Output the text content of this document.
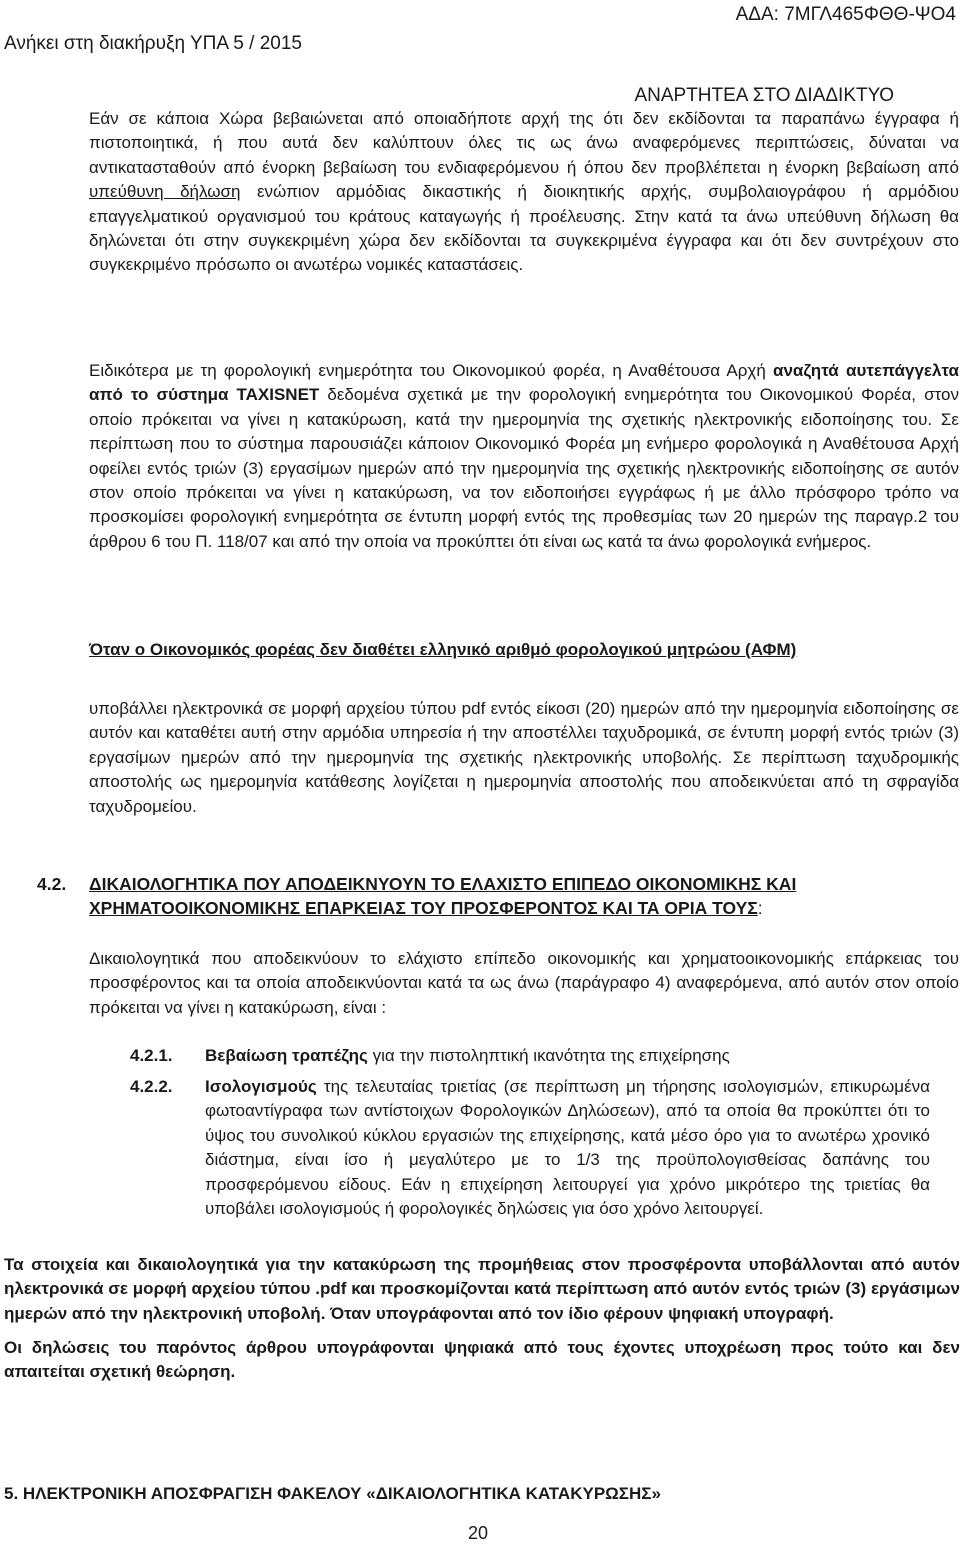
ΑΔΑ: 7ΜΓΛ465ΦΘΘ-ΨΟ4
Ανήκει στη διακήρυξη ΥΠΑ 5 / 2015
ΑΝΑΡΤΗΤΕΑ ΣΤΟ ΔΙΑΔΙΚΤΥΟ
Εάν σε κάποια Χώρα βεβαιώνεται από οποιαδήποτε αρχή της ότι δεν εκδίδονται τα παραπάνω έγγραφα ή πιστοποιητικά, ή που αυτά δεν καλύπτουν όλες τις ως άνω αναφερόμενες περιπτώσεις, δύναται να αντικατασταθούν από ένορκη βεβαίωση του ενδιαφερόμενου ή όπου δεν προβλέπεται η ένορκη βεβαίωση από υπεύθυνη δήλωση ενώπιον αρμόδιας δικαστικής ή διοικητικής αρχής, συμβολαιογράφου ή αρμόδιου επαγγελματικού οργανισμού του κράτους καταγωγής ή προέλευσης. Στην κατά τα άνω υπεύθυνη δήλωση θα δηλώνεται ότι στην συγκεκριμένη χώρα δεν εκδίδονται τα συγκεκριμένα έγγραφα και ότι δεν συντρέχουν στο συγκεκριμένο πρόσωπο οι ανωτέρω νομικές καταστάσεις.
Ειδικότερα με τη φορολογική ενημερότητα του Οικονομικού φορέα, η Αναθέτουσα Αρχή αναζητά αυτεπάγγελτα από το σύστημα TAXISNET δεδομένα σχετικά με την φορολογική ενημερότητα του Οικονομικού Φορέα, στον οποίο πρόκειται να γίνει η κατακύρωση, κατά την ημερομηνία της σχετικής ηλεκτρονικής ειδοποίησης του. Σε περίπτωση που το σύστημα παρουσιάζει κάποιον Οικονομικό Φορέα μη ενήμερο φορολογικά η Αναθέτουσα Αρχή οφείλει εντός τριών (3) εργασίμων ημερών από την ημερομηνία της σχετικής ηλεκτρονικής ειδοποίησης σε αυτόν στον οποίο πρόκειται να γίνει η κατακύρωση, να τον ειδοποιήσει εγγράφως ή με άλλο πρόσφορο τρόπο να προσκομίσει φορολογική ενημερότητα σε έντυπη μορφή εντός της προθεσμίας των 20 ημερών της παραγρ.2 του άρθρου 6 του Π. 118/07 και από την οποία να προκύπτει ότι είναι ως κατά τα άνω φορολογικά ενήμερος.
Όταν ο Οικονομικός φορέας δεν διαθέτει ελληνικό αριθμό φορολογικού μητρώου (ΑΦΜ)
υποβάλλει ηλεκτρονικά σε μορφή αρχείου τύπου pdf εντός είκοσι (20) ημερών από την ημερομηνία ειδοποίησης σε αυτόν και καταθέτει αυτή στην αρμόδια υπηρεσία ή την αποστέλλει ταχυδρομικά, σε έντυπη μορφή εντός τριών (3) εργασίμων ημερών από την ημερομηνία της σχετικής ηλεκτρονικής υποβολής. Σε περίπτωση ταχυδρομικής αποστολής ως ημερομηνία κατάθεσης λογίζεται η ημερομηνία αποστολής που αποδεικνύεται από τη σφραγίδα ταχυδρομείου.
4.2. ΔΙΚΑΙΟΛΟΓΗΤΙΚΑ ΠΟΥ ΑΠΟΔΕΙΚΝΥΟΥΝ ΤΟ ΕΛΑΧΙΣΤΟ ΕΠΙΠΕΔΟ ΟΙΚΟΝΟΜΙΚΗΣ ΚΑΙ ΧΡΗΜΑΤΟΟΙΚΟΝΟΜΙΚΗΣ ΕΠΑΡΚΕΙΑΣ ΤΟΥ ΠΡΟΣΦΕΡΟΝΤΟΣ ΚΑΙ ΤΑ ΟΡΙΑ ΤΟΥΣ:
Δικαιολογητικά που αποδεικνύουν το ελάχιστο επίπεδο οικονομικής και χρηματοοικονομικής επάρκειας του προσφέροντος και τα οποία αποδεικνύονται κατά τα ως άνω (παράγραφο 4) αναφερόμενα, από αυτόν στον οποίο πρόκειται να γίνει η κατακύρωση, είναι :
4.2.1. Βεβαίωση τραπέζης για την πιστοληπτική ικανότητα της επιχείρησης
4.2.2. Ισολογισμούς της τελευταίας τριετίας (σε περίπτωση μη τήρησης ισολογισμών, επικυρωμένα φωτοαντίγραφα των αντίστοιχων Φορολογικών Δηλώσεων), από τα οποία θα προκύπτει ότι το ύψος του συνολικού κύκλου εργασιών της επιχείρησης, κατά μέσο όρο για το ανωτέρω χρονικό διάστημα, είναι ίσο ή μεγαλύτερο με το 1/3 της προϋπολογισθείσας δαπάνης του προσφερόμενου είδους. Εάν η επιχείρηση λειτουργεί για χρόνο μικρότερο της τριετίας θα υποβάλει ισολογισμούς ή φορολογικές δηλώσεις για όσο χρόνο λειτουργεί.
Τα στοιχεία και δικαιολογητικά για την κατακύρωση της προμήθειας στον προσφέροντα υποβάλλονται από αυτόν ηλεκτρονικά σε μορφή αρχείου τύπου .pdf και προσκομίζονται κατά περίπτωση από αυτόν εντός τριών (3) εργάσιμων ημερών από την ηλεκτρονική υποβολή. Όταν υπογράφονται από τον ίδιο φέρουν ψηφιακή υπογραφή.
Οι δηλώσεις του παρόντος άρθρου υπογράφονται ψηφιακά από τους έχοντες υποχρέωση προς τούτο και δεν απαιτείται σχετική θεώρηση.
5. ΗΛΕΚΤΡΟΝΙΚΗ ΑΠΟΣΦΡΑΓΙΣΗ ΦΑΚΕΛΟΥ «ΔΙΚΑΙΟΛΟΓΗΤΙΚΑ ΚΑΤΑΚΥΡΩΣΗΣ»
20
